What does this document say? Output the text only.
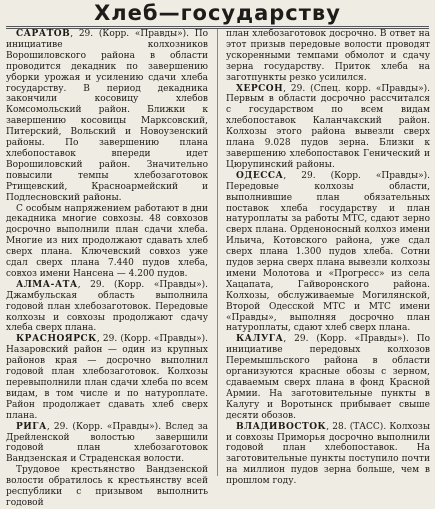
Хлеб—государству

САРАТОВ, 29. (Корр. «Правды»). По инициативе колхозников Ворошиловского района в области проводится декадник по завершению уборки урожая и усилению сдачи хлеба государству. В период декадника закончили косовицу хлебов Комсомольский район. Ближки к завершению косовицы Марксовский, Питерский, Вольский и Новоузенский районы. По завершению плана хлебопоставок впереди идет Ворошиловский район. Значительно повысили темпы хлебозаготовок Ртищевский, Красноармейский и Подлесновский районы.

С особым напряжением работают в дни декадника многие совхозы. 48 совхозов досрочно выполнили план сдачи хлеба. Многие из них продолжают сдавать хлеб сверх плана. Ключевский совхоз уже сдал сверх плана 7.440 пудов хлеба, совхоз имени Нансена — 4.200 пудов.

АЛМА-АТА, 29. (Корр. «Правды»). Джамбульская область выполнила годовой план хлебозаготовок. Передовые колхозы и совхозы продолжают сдачу хлеба сверх плана.

КРАСНОЯРСК, 29. (Корр. «Правды»). Назаровский район — один из крупных районов края — досрочно выполнил годовой план хлебозаготовок. Колхозы перевыполнили план сдачи хлеба по всем видам, в том числе и по натуроплате. Район продолжает сдавать хлеб сверх плана.

РИГА, 29. (Корр. «Правды»). Вслед за Дрейленской волостью завершили годовой план хлебозаготовок Вандзенская и Страденская волости.

Трудовое крестьянство Вандзенской волости обратилось к крестьянству всей республики с призывом выполнить годовой

план хлебозаготовок досрочно. В ответ на этот призыв передовые волости проводят ускоренными темпами обмолот и сдачу зерна государству. Приток хлеба на заготпункты резко усилился.

ХЕРСОН, 29. (Спец. корр. «Правды»). Первым в области досрочно рассчитался с государством по всем видам хлебопоставок Каланчакский район. Колхозы этого района вывезли сверх плана 9.028 пудов зерна. Близки к завершению хлебопоставок Генический и Цюрупинский районы.

ОДЕССА, 29. (Корр. «Правды»). Передовые колхозы области, выполнившие план обязательных поставок хлеба государству и план натуроплаты за работы МТС, сдают зерно сверх плана. Орденоносный колхоз имени Ильича, Котовского района, уже сдал сверх плана 1.300 пудов хлеба. Сотни пудов зерна сверх плана вывезли колхозы имени Молотова и «Прогресс» из села Хацапата, Гайворонского района. Колхозы, обслуживаемые Могилянской, Второй Одесской МТС и МТС имени «Правды», выполняя досрочно план натуроплаты, сдают хлеб сверх плана.

КАЛУГА, 29. (Корр. «Правды»). По инициативе передовых колхозов Перемышльского района в области организуются красные обозы с зерном, сдаваемым сверх плана в фонд Красной Армии. На заготовительные пункты в Калугу и Воротынск прибывает свыше десяти обозов.

ВЛАДИВОСТОК, 28. (ТАСС). Колхозы и совхозы Приморья досрочно выполнили годовой план хлебопоставок. На заготовительные пункты поступило почти на миллион пудов зерна больше, чем в прошлом году.
